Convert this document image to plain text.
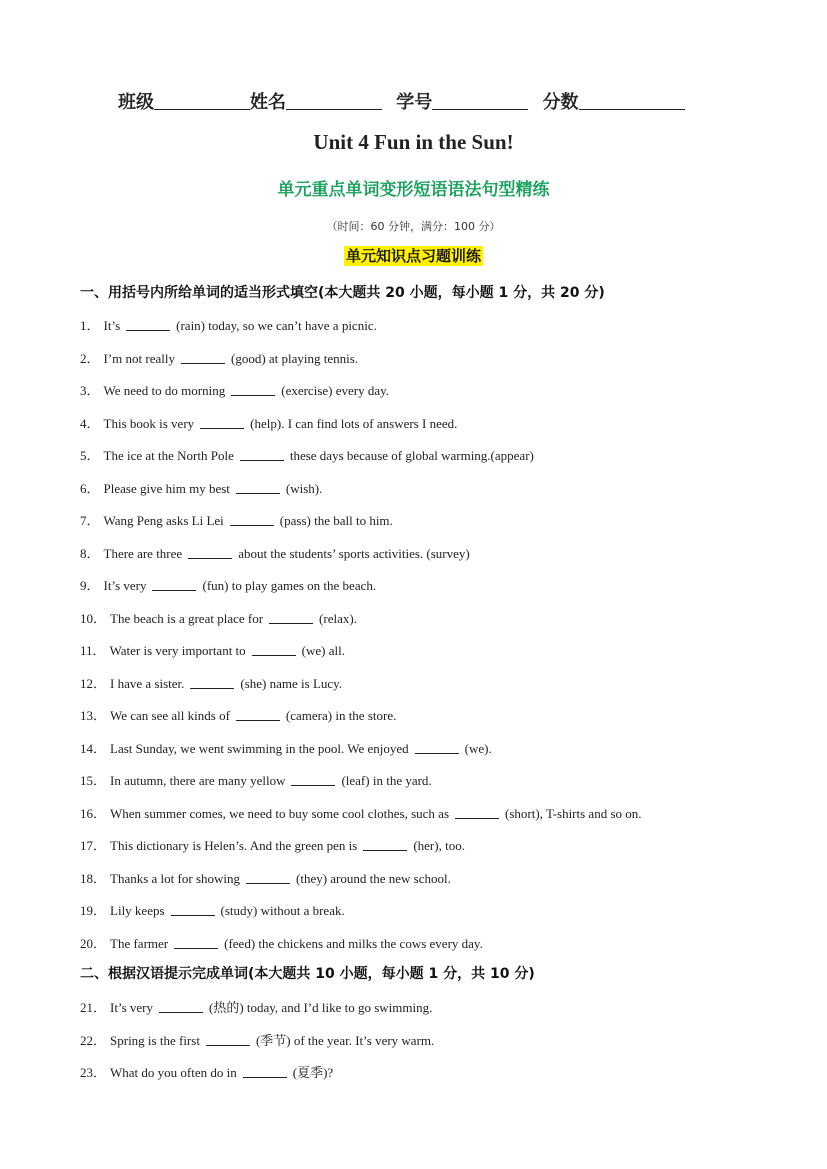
班级	姓名	学号	分数
Unit 4 Fun in the Sun!
单元重点单词变形短语语法句型精练
（时间：60 分钟，满分：100 分）
单元知识点习题训练
一、用括号内所给单词的适当形式填空(本大题共 20 小题，每小题 1 分，共 20 分)
1． It’s	(rain) today, so we can’t have a picnic.
2． I’m not really	(good) at playing tennis.
3． We need to do morning	(exercise) every day.
4． This book is very	(help). I can find lots of answers I need.
5． The ice at the North Pole	these days because of global warming.(appear)
6． Please give him my best	(wish).
7． Wang Peng asks Li Lei	(pass) the ball to him.
8． There are three	about the students’ sports activities. (survey)
9． It’s very	(fun) to play games on the beach.
10． The beach is a great place for	(relax).
11． Water is very important to	(we) all.
12． I have a sister.	(she) name is Lucy.
13． We can see all kinds of	(camera) in the store.
14． Last Sunday, we went swimming in the pool. We enjoyed	(we).
15． In autumn, there are many yellow	(leaf) in the yard.
16． When summer comes, we need to buy some cool clothes, such as	(short), T-shirts and so on.
17． This dictionary is Helen’s. And the green pen is	(her), too.
18． Thanks a lot for showing	(they) around the new school.
19． Lily keeps	(study) without a break.
20． The farmer	(feed) the chickens and milks the cows every day.
二、根据汉语提示完成单词(本大题共 10 小题，每小题 1 分，共 10 分)
21． It’s very	(热的) today, and I’d like to go swimming.
22． Spring is the first	(季节) of the year. It’s very warm.
23． What do you often do in	(夏季)?
